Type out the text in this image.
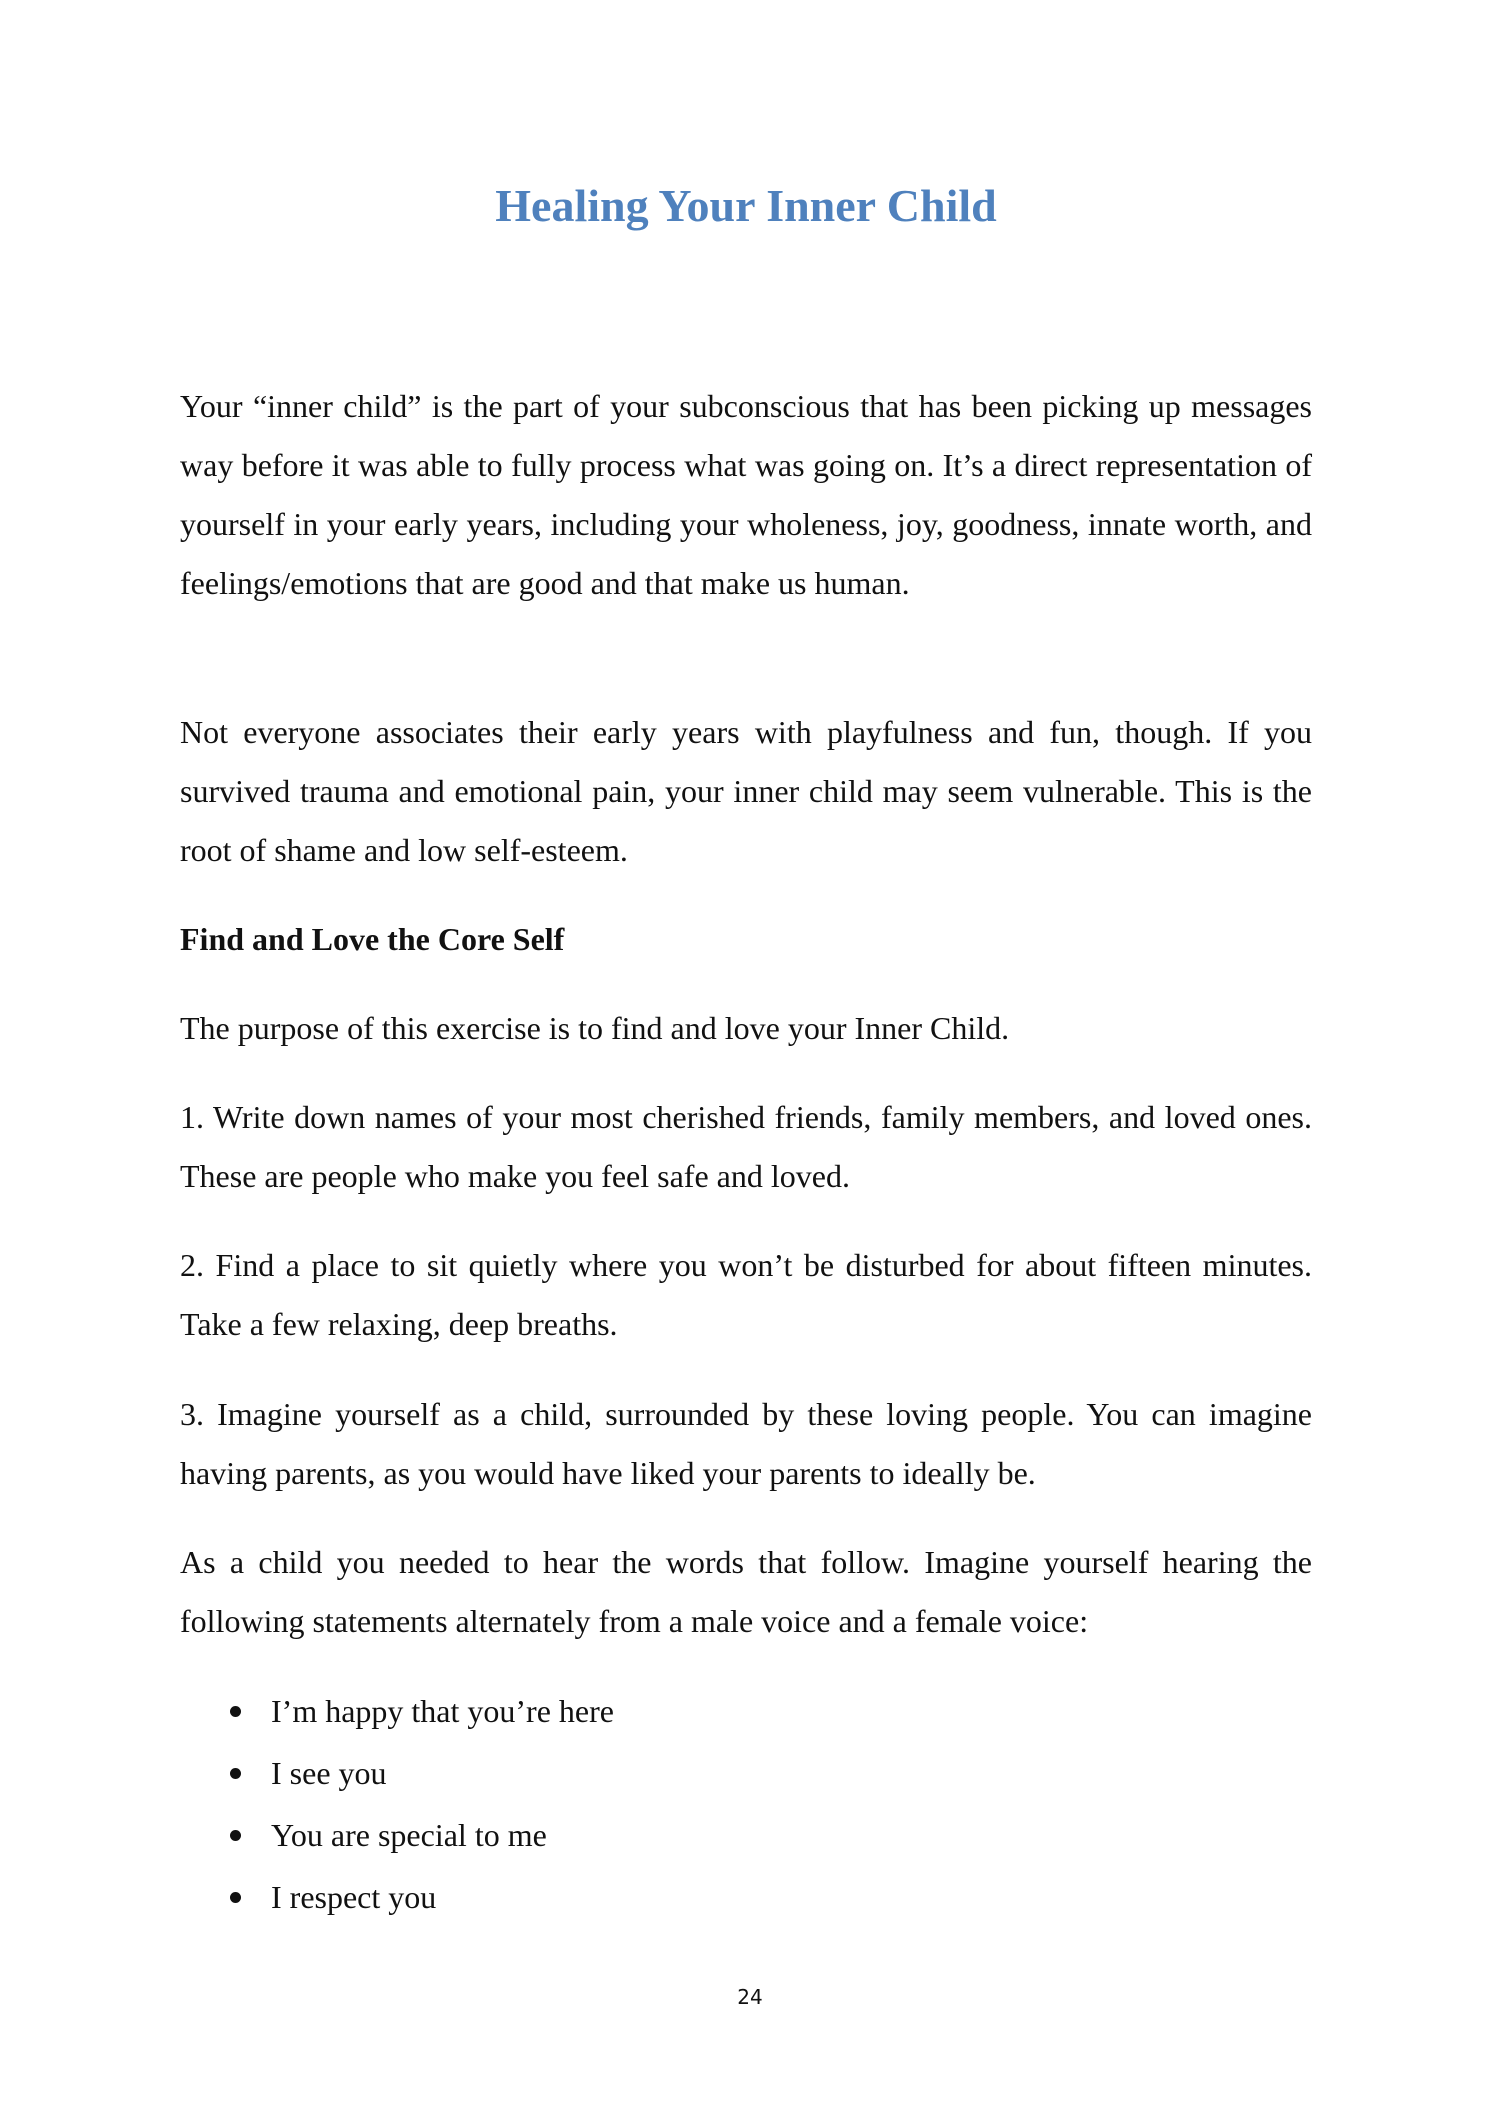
Healing Your Inner Child

Your “inner child” is the part of your subconscious that has been picking up messages way before it was able to fully process what was going on. It’s a direct representation of yourself in your early years, including your wholeness, joy, goodness, innate worth, and feelings/emotions that are good and that make us human.

Not everyone associates their early years with playfulness and fun, though. If you survived trauma and emotional pain, your inner child may seem vulnerable. This is the root of shame and low self-esteem.

Find and Love the Core Self

The purpose of this exercise is to find and love your Inner Child.

1. Write down names of your most cherished friends, family members, and loved ones. These are people who make you feel safe and loved.

2. Find a place to sit quietly where you won’t be disturbed for about fifteen minutes. Take a few relaxing, deep breaths.

3. Imagine yourself as a child, surrounded by these loving people. You can imagine having parents, as you would have liked your parents to ideally be.

As a child you needed to hear the words that follow. Imagine yourself hearing the following statements alternately from a male voice and a female voice:

I’m happy that you’re here
I see you
You are special to me
I respect you
24
